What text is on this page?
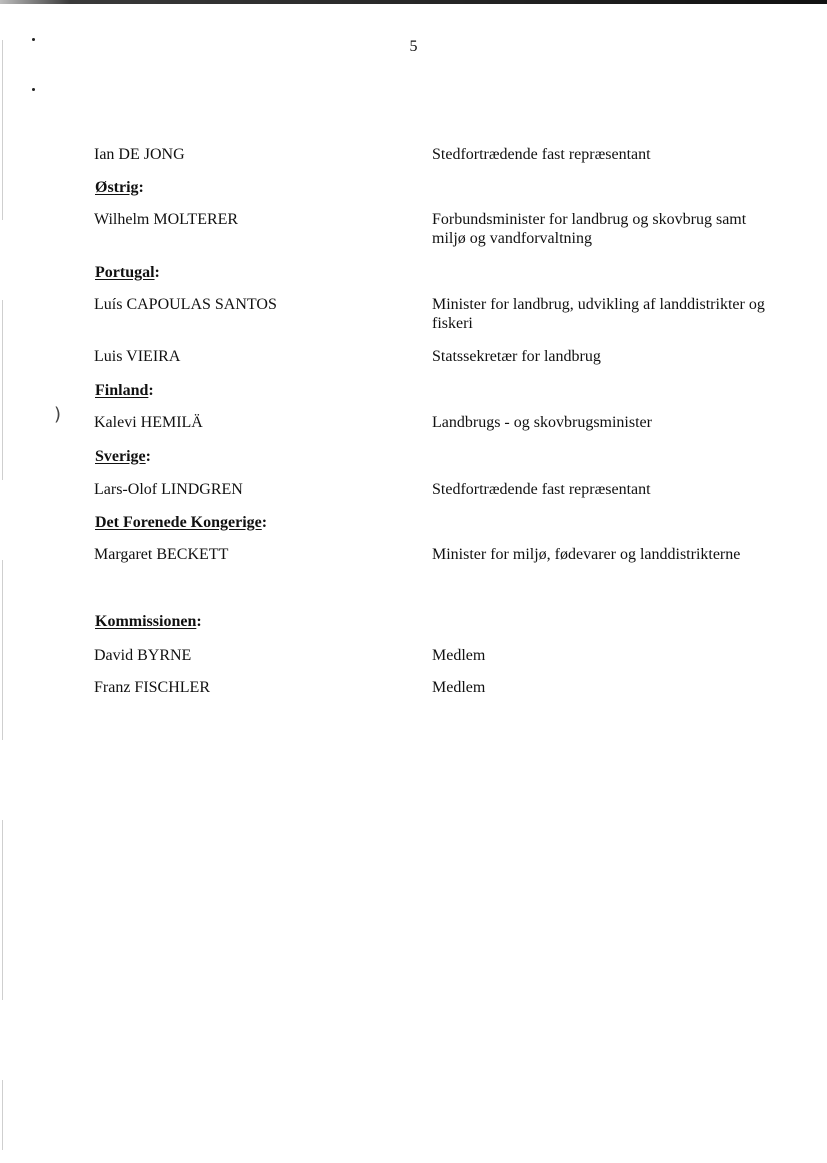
)
5
Ian DE JONG	Stedfortrædende fast repræsentant
Østrig:
Wilhelm MOLTERER	Forbundsminister for landbrug og skovbrug samt miljø og vandforvaltning
Portugal:
Luís CAPOULAS SANTOS	Minister for landbrug, udvikling af landdistrikter og fiskeri
Luis VIEIRA	Statssekretær for landbrug
Finland:
Kalevi HEMILÄ	Landbrugs - og skovbrugsminister
Sverige:
Lars-Olof LINDGREN	Stedfortrædende fast repræsentant
Det Forenede Kongerige:
Margaret BECKETT	Minister for miljø, fødevarer og landdistrikterne
Kommissionen:
David BYRNE	Medlem
Franz FISCHLER	Medlem
